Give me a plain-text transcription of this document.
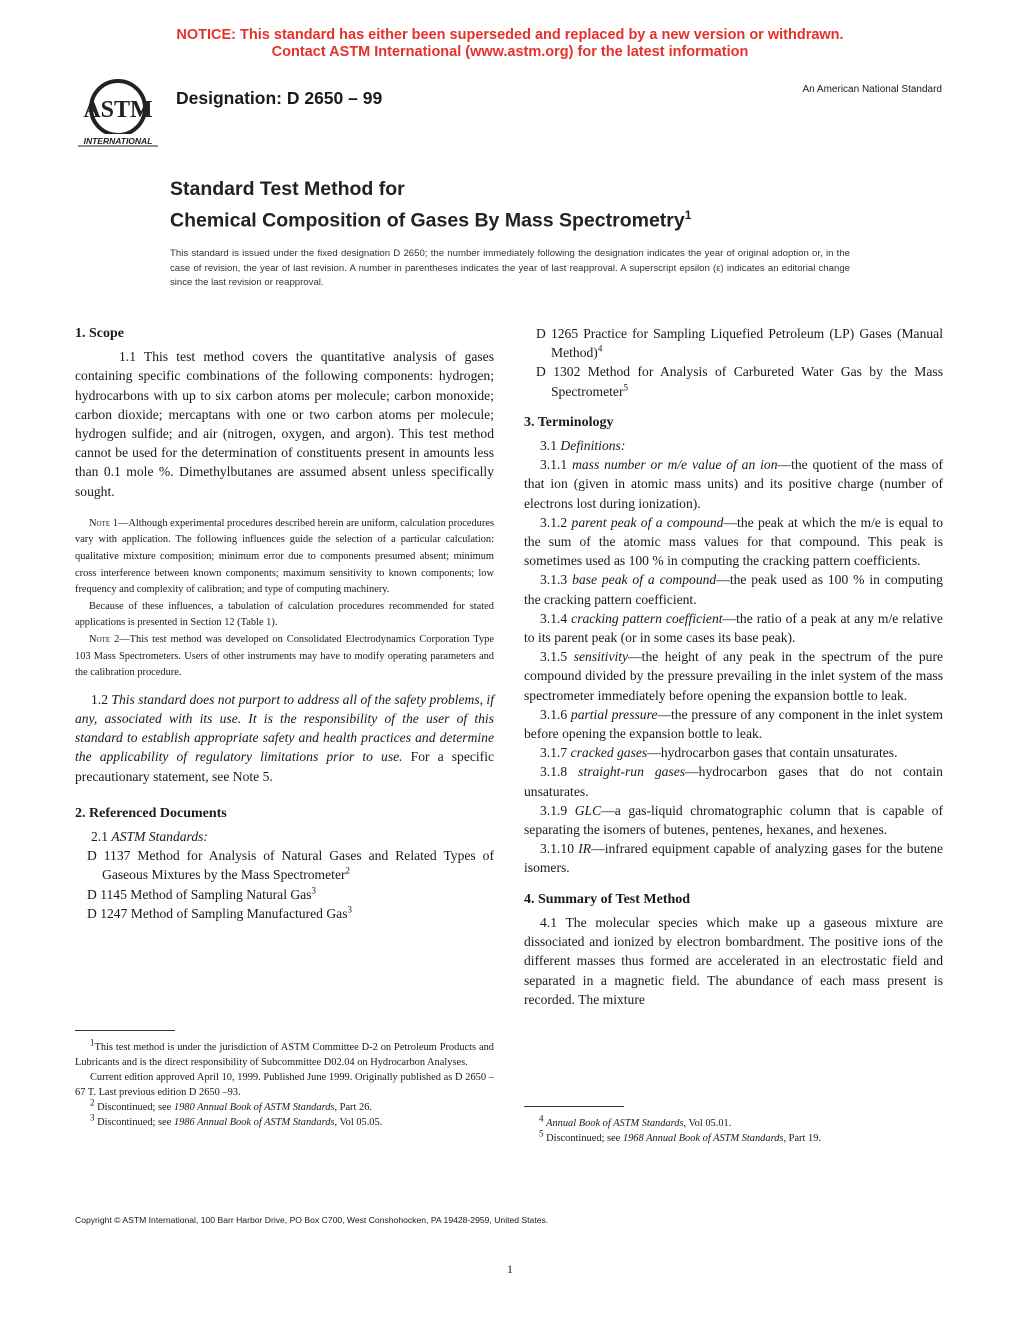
NOTICE: This standard has either been superseded and replaced by a new version or withdrawn.
Contact ASTM International (www.astm.org) for the latest information
ASTM
INTERNATIONAL
Designation: D 2650 – 99	An American National Standard
Standard Test Method for
Chemical Composition of Gases By Mass Spectrometry$^1$
This standard is issued under the fixed designation D 2650; the number immediately following the designation indicates the year of original adoption or, in the case of revision, the year of last revision. A number in parentheses indicates the year of last reapproval. A superscript epsilon (ε) indicates an editorial change since the last revision or reapproval.

1. Scope

1.1 This test method covers the quantitative analysis of gases containing specific combinations of the following components: hydrogen; hydrocarbons with up to six carbon atoms per molecule; carbon monoxide; carbon dioxide; mercaptans with one or two carbon atoms per molecule; hydrogen sulfide; and air (nitrogen, oxygen, and argon). This test method cannot be used for the determination of constituents present in amounts less than 0.1 mole %. Dimethylbutanes are assumed absent unless specifically sought.

Note 1—Although experimental procedures described herein are uniform, calculation procedures vary with application. The following influences guide the selection of a particular calculation: qualitative mixture composition; minimum error due to components presumed absent; minimum cross interference between known components; maximum sensitivity to known components; low frequency and complexity of calibration; and type of computing machinery.

Because of these influences, a tabulation of calculation procedures recommended for stated applications is presented in Section 12 (Table 1).

Note 2—This test method was developed on Consolidated Electrodynamics Corporation Type 103 Mass Spectrometers. Users of other instruments may have to modify operating parameters and the calibration procedure.

1.2 This standard does not purport to address all of the safety problems, if any, associated with its use. It is the responsibility of the user of this standard to establish appropriate safety and health practices and determine the applicability of regulatory limitations prior to use. For a specific precautionary statement, see Note 5.

2. Referenced Documents

2.1 ASTM Standards:

D 1137 Method for Analysis of Natural Gases and Related Types of Gaseous Mixtures by the Mass Spectrometer$^2$

D 1145 Method of Sampling Natural Gas$^3$

D 1247 Method of Sampling Manufactured Gas$^3$

1This test method is under the jurisdiction of ASTM Committee D-2 on Petroleum Products and Lubricants and is the direct responsibility of Subcommittee D02.04 on Hydrocarbon Analyses.

Current edition approved April 10, 1999. Published June 1999. Originally published as D 2650 – 67 T. Last previous edition D 2650 –93.

2 Discontinued; see 1980 Annual Book of ASTM Standards, Part 26.

3 Discontinued; see 1986 Annual Book of ASTM Standards, Vol 05.05.

D 1265 Practice for Sampling Liquefied Petroleum (LP) Gases (Manual Method)$^4$

D 1302 Method for Analysis of Carbureted Water Gas by the Mass Spectrometer$^5$

3. Terminology

3.1 Definitions:

3.1.1 mass number or m/e value of an ion—the quotient of the mass of that ion (given in atomic mass units) and its positive charge (number of electrons lost during ionization).

3.1.2 parent peak of a compound—the peak at which the m/e is equal to the sum of the atomic mass values for that compound. This peak is sometimes used as 100 % in computing the cracking pattern coefficients.

3.1.3 base peak of a compound—the peak used as 100 % in computing the cracking pattern coefficient.

3.1.4 cracking pattern coefficient—the ratio of a peak at any m/e relative to its parent peak (or in some cases its base peak).

3.1.5 sensitivity—the height of any peak in the spectrum of the pure compound divided by the pressure prevailing in the inlet system of the mass spectrometer immediately before opening the expansion bottle to leak.

3.1.6 partial pressure—the pressure of any component in the inlet system before opening the expansion bottle to leak.

3.1.7 cracked gases—hydrocarbon gases that contain unsaturates.

3.1.8 straight-run gases—hydrocarbon gases that do not contain unsaturates.

3.1.9 GLC—a gas-liquid chromatographic column that is capable of separating the isomers of butenes, pentenes, hexanes, and hexenes.

3.1.10 IR—infrared equipment capable of analyzing gases for the butene isomers.

4. Summary of Test Method

4.1 The molecular species which make up a gaseous mixture are dissociated and ionized by electron bombardment. The positive ions of the different masses thus formed are accelerated in an electrostatic field and separated in a magnetic field. The abundance of each mass present is recorded. The mixture

4 Annual Book of ASTM Standards, Vol 05.01.

5 Discontinued; see 1968 Annual Book of ASTM Standards, Part 19.

Copyright © ASTM International, 100 Barr Harbor Drive, PO Box C700, West Conshohocken, PA 19428-2959, United States.
1
